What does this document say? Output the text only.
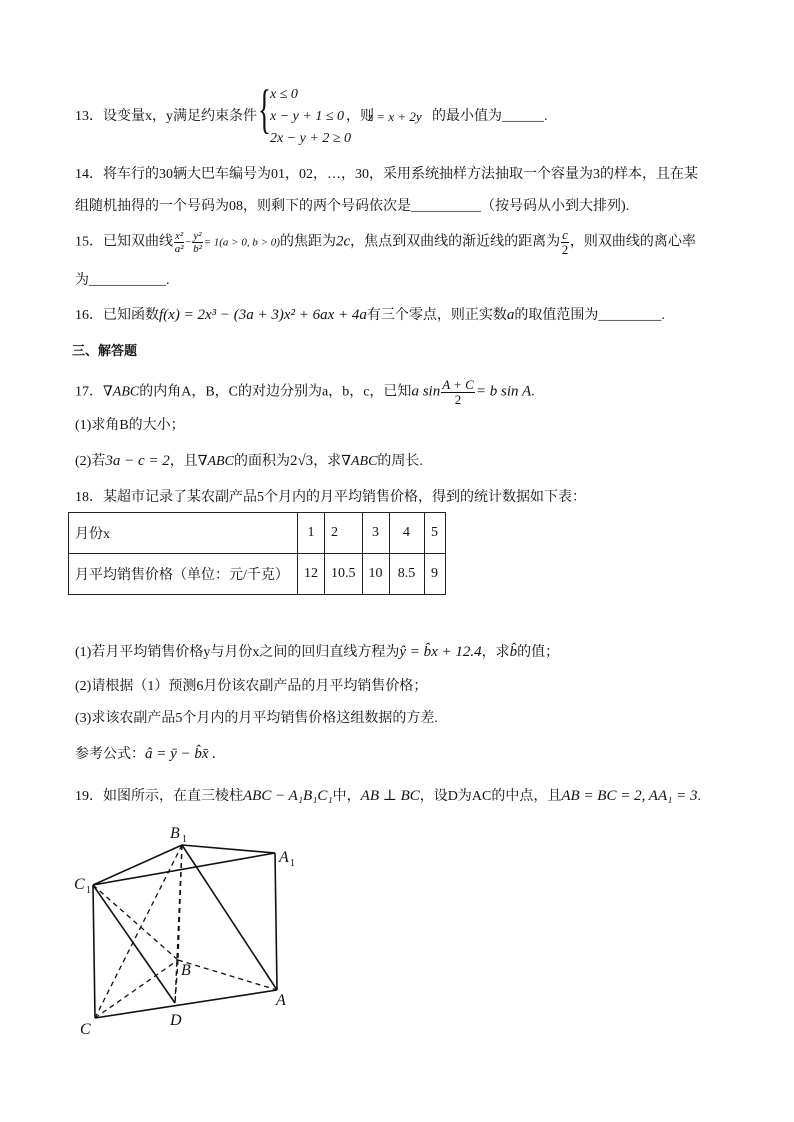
13．设变量x，y满足约束条件 { x ≤ 0
x − y + 1 ≤ 0
2x − y + 2 ≥ 0
，则
z = x + 2y 的最小值为______.
14．将车行的30辆大巴车编号为01，02，…，30，采用系统抽样方法抽取一个容量为3的样本，且在某
组随机抽得的一个号码为08，则剩下的两个号码依次是__________（按号码从小到大排列).
15．已知双曲线 $\frac{\text{x²}}{\text{a²}} - \frac{\text{y²}}{\text{b²}} = 1(a > 0$, b > 0)的焦距为2c，焦点到双曲线的渐近线的距离为 $\frac{c}{2}$ ，则双曲线的离心率
为___________.
16．已知函数f(x) = 2x³ − (3a + 3)x² + 6ax + 4a有三个零点，则正实数a的取值范围为_________.
三、解答题
17．∇ABC的内角A，B，C的对边分别为a，b，c，已知a $\sin \frac{A + C}{2} = b$ sin A.
(1)求角B的大小；
(2)若3a − c = 2，且∇ABC的面积为2√3，求∇ABC的周长.
18．某超市记录了某农副产品5个月内的月平均销售价格，得到的统计数据如下表：
月份x	1	2	3	4	5
月平均销售价格（单位：元/千克）	12	10.5	10	8.5	9
(1)若月平均销售价格y与月份x之间的回归直线方程为ŷ = b̂x + 12.4，求b̂的值；
(2)请根据（1）预测6月份该农副产品的月平均销售价格；
(3)求该农副产品5个月内的月平均销售价格这组数据的方差.
参考公式：â = ȳ − b̂x̄ .
19．如图所示，在直三棱柱ABC − A₁B₁C₁中，AB ⊥ BC，设D为AC的中点，且AB = BC = 2, AA₁ = 3.
B 1
A 1
C 1
B
A
C
D
